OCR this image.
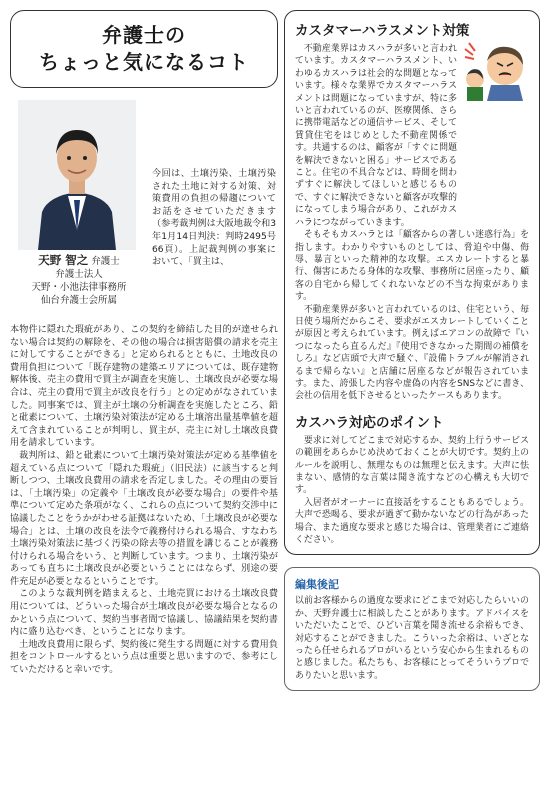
弁護士の
ちょっと気になるコト
天野 智之 弁護士
弁護士法人
天野・小池法律事務所
仙台弁護士会所属
今回は、土壌汚染、土壌汚染された土地に対する対策、対策費用の負担の帰趨についてお話をさせていただきます（参考裁判例は大阪地裁令和3年1月14日判決：判時2495号66頁）。上記裁判例の事案において、「買主は、

本物件に隠れた瑕疵があり、この契約を締結した目的が達せられない場合は契約の解除を、その他の場合は損害賠償の請求を売主に対してすることができる」と定められるとともに、土地改良の費用負担について「既存建物の建築エリアについては、既存建物解体後、売主の費用で買主が調査を実施し、土壌改良が必要な場合は、売主の費用で買主が改良を行う」との定めがなされていました。同事案では、買主が土壌の分析調査を実施したところ、鉛と砒素について、土壌汚染対策法が定める土壌溶出量基準値を超えて含まれていることが判明し、買主が、売主に対し土壌改良費用を請求しています。

裁判所は、鉛と砒素について土壌汚染対策法が定める基準値を超えている点について「隠れた瑕疵」（旧民法）に該当すると判断しつつ、土壌改良費用の請求を否定しました。その理由の要旨は、「土壌汚染」の定義や「土壌改良が必要な場合」の要件や基準について定めた条項がなく、これらの点について契約交渉中に協議したことをうかがわせる証拠はないため、「土壌改良が必要な場合」とは、土壌の改良を法令で義務付けられる場合、すなわち土壌汚染対策法に基づく汚染の除去等の措置を講じることが義務付けられる場合をいう、と判断しています。つまり、土壌汚染があっても直ちに土壌改良が必要ということにはならず、別途の要件充足が必要となるということです。

このような裁判例を踏まえると、土地売買における土壌改良費用については、どういった場合が土壌改良が必要な場合となるのかという点について、契約当事者間で協議し、協議結果を契約書内に盛り込むべき、ということになります。

土地改良費用に限らず、契約後に発生する問題に対する費用負担をコントロールするという点は重要と思いますので、参考にしていただけると幸いです。

カスタマーハラスメント対策

不動産業界はカスハラが多いと言われています。カスタマーハラスメント、いわゆるカスハラは社会的な問題となっています。様々な業界でカスタマーハラスメントは問題になっていますが、特に多いと言われているのが、医療関係、さらに携帯電話などの通信サービス、そして賃貸住宅をはじめとした不動産関係です。共通するのは、顧客が「すぐに問題を解決できないと困る」サービスであること。住宅の不具合などは、時間を問わずすぐに解決してほしいと感じるもので、すぐに解決できないと顧客が攻撃的になってしまう場合があり、これがカスハラにつながっていきます。

そもそもカスハラとは「顧客からの著しい迷惑行為」を指します。わかりやすいものとしては、脅迫や中傷、侮辱、暴言といった精神的な攻撃。エスカレートすると暴行、傷害にあたる身体的な攻撃、事務所に居座ったり、顧客の自宅から帰してくれないなどの不当な拘束があります。

不動産業界が多いと言われているのは、住宅という、毎日使う場所だからこそ、要求がエスカレートしていくことが原因と考えられています。例えばエアコンの故障で『いつになったら直るんだ』『使用できなかった期間の補償をしろ』など店頭で大声で騒ぐ、『設備トラブルが解消されるまで帰らない』と店舗に居座るなどが報告されています。また、誇張した内容や虚偽の内容をSNSなどに書き、会社の信用を低下させるといったケースもあります。

カスハラ対応のポイント

要求に対してどこまで対応するか、契約上行うサービスの範囲をあらかじめ決めておくことが大切です。契約上のルールを説明し、無理なものは無理と伝えます。大声に怯まない、感情的な言葉は聞き流すなどの心構えも大切です。

入居者がオーナーに直接話をすることもあるでしょう。大声で恐喝る、要求が過ぎて動かないなどの行為があった場合、また過度な要求と感じた場合は、管理業者にご連絡ください。

編集後記
以前お客様からの過度な要求にどこまで対応したらいいのか、天野弁護士に相談したことがあります。アドバイスをいただいたことで、ひどい言葉を聞き流せる余裕もでき、対応することができました。こういった余裕は、いざとなったら任せられるプロがいるという安心から生まれるものと感じました。私たちも、お客様にとってそういうプロでありたいと思います。
